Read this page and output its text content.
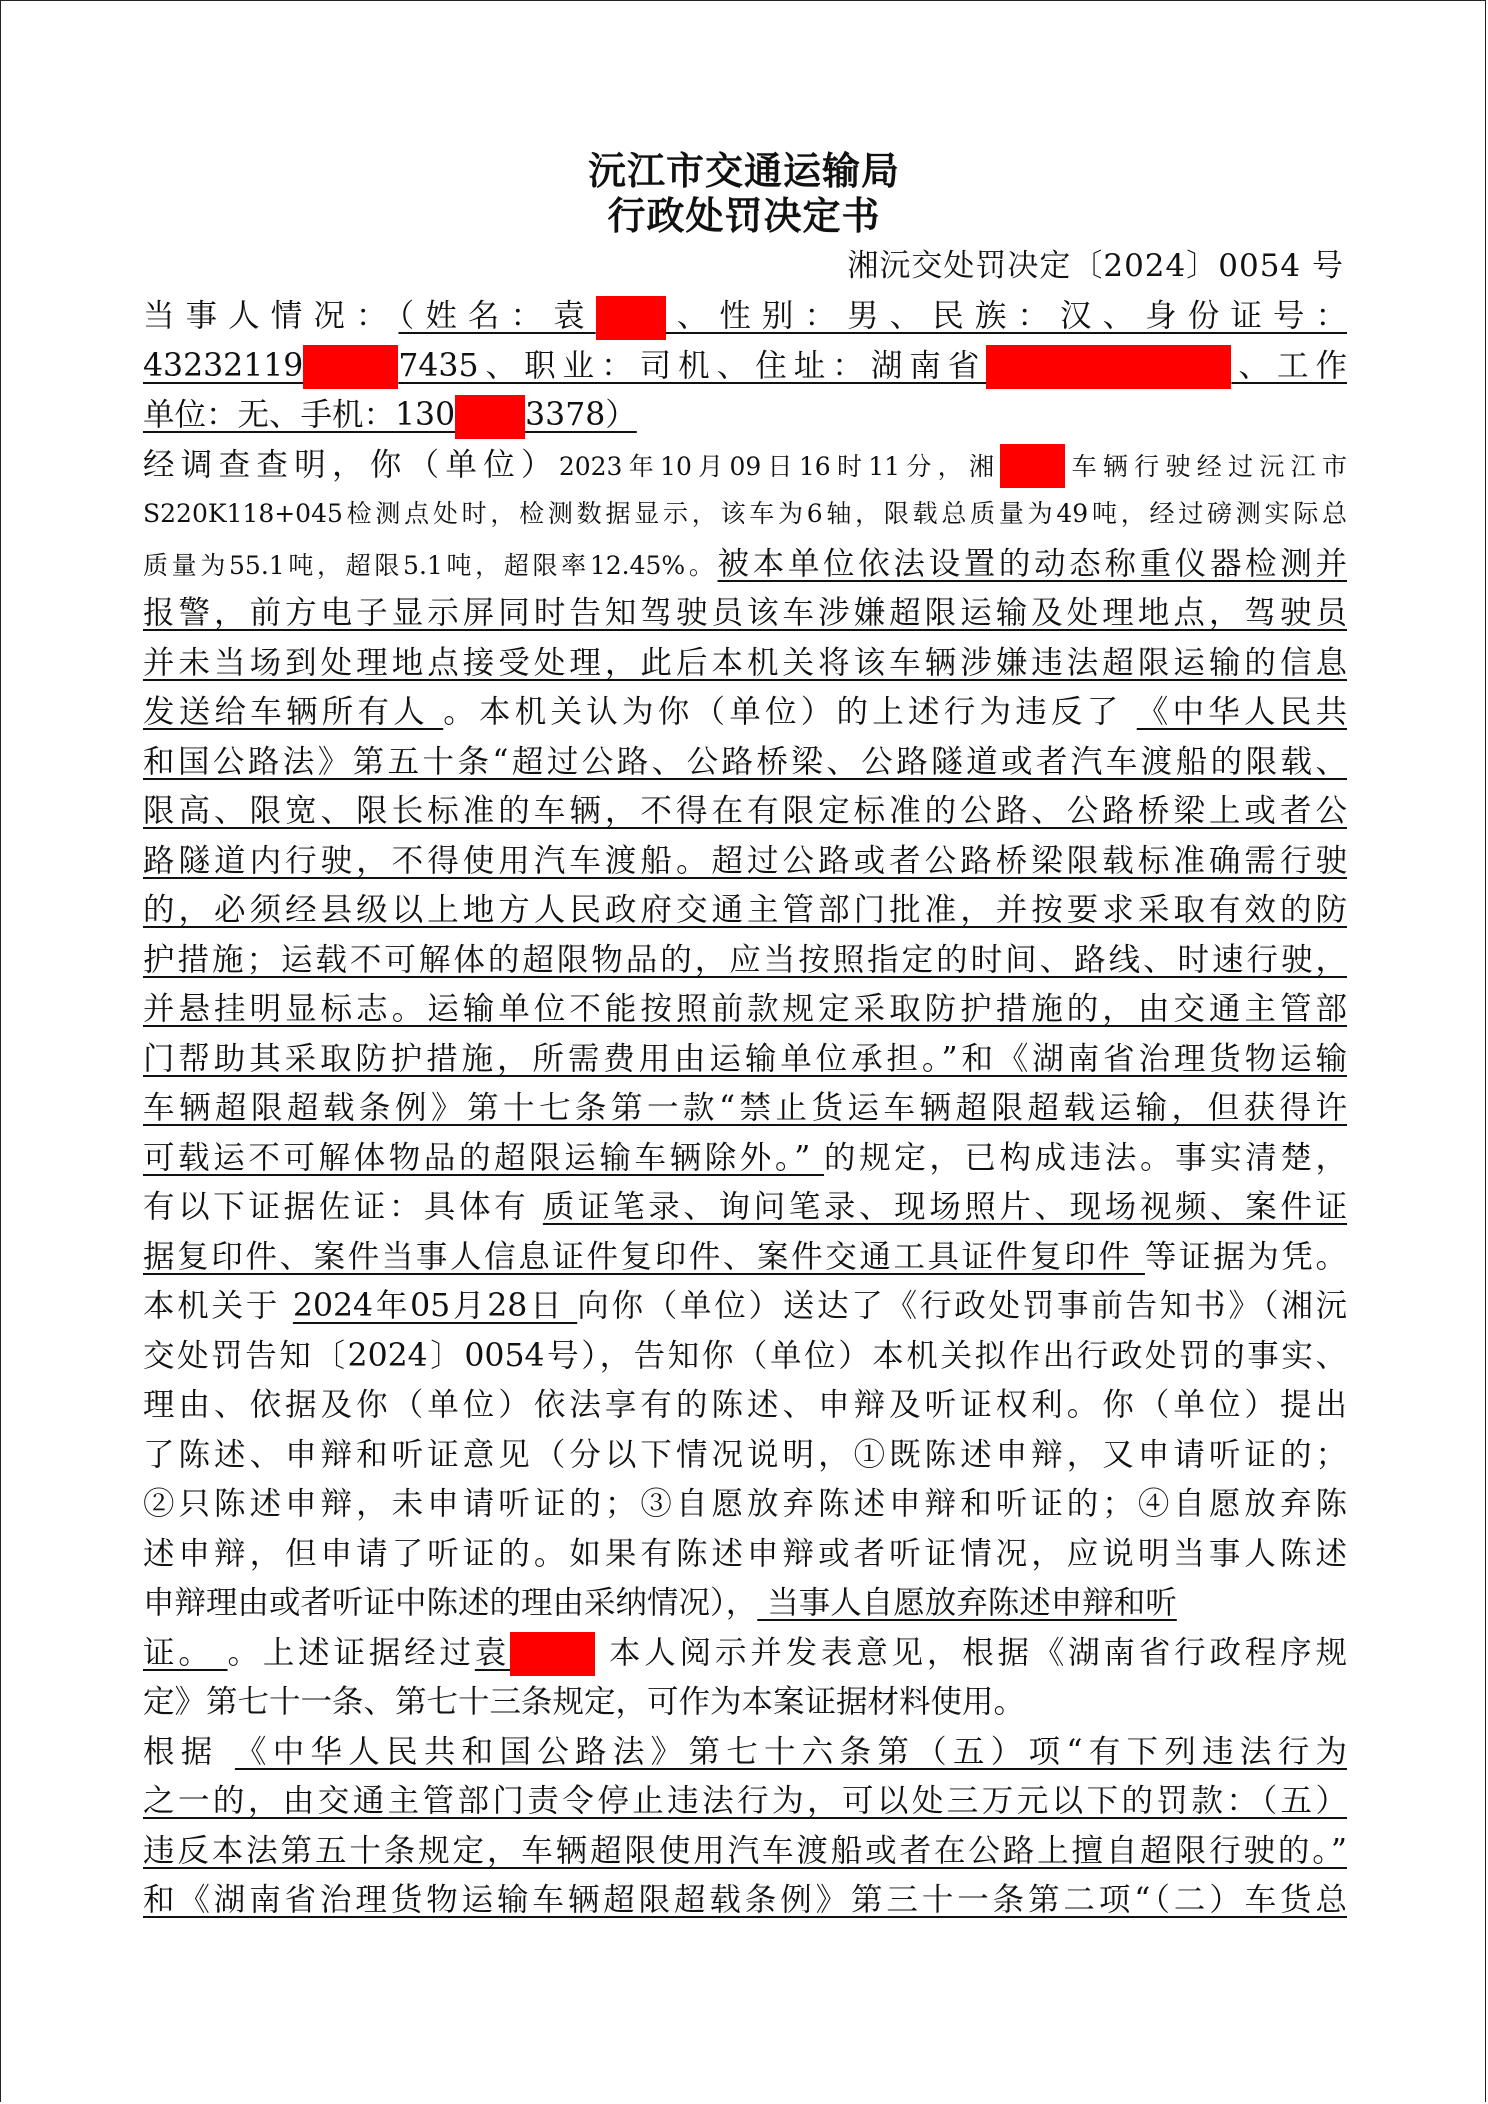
沅江市交通运输局
行政处罚决定书
湘沅交处罚决定〔2024〕0054 号
当事人情况：（姓名：袁 、性别：男、民族：汉、身份证号：
43232119	7435、职业：司机、住址：湖南省	、工作
单位：无、手机：130 3378）
经调查查明，你（单位）2023年10月09日16时11分，湘	车辆行驶经过沅江市
S220K118+045检测点处时，检测数据显示，该车为6轴，限载总质量为49吨，经过磅测实际总
质量为55.1吨，超限5.1吨，超限率12.45%。被本单位依法设置的动态称重仪器检测并
报警，前方电子显示屏同时告知驾驶员该车涉嫌超限运输及处理地点，驾驶员
并未当场到处理地点接受处理，此后本机关将该车辆涉嫌违法超限运输的信息
发送给车辆所有人 。本机关认为你（单位）的上述行为违反了 《中华人民共
和国公路法》第五十条“超过公路、公路桥梁、公路隧道或者汽车渡船的限载、
限高、限宽、限长标准的车辆，不得在有限定标准的公路、公路桥梁上或者公
路隧道内行驶，不得使用汽车渡船。超过公路或者公路桥梁限载标准确需行驶
的，必须经县级以上地方人民政府交通主管部门批准，并按要求采取有效的防
护措施；运载不可解体的超限物品的，应当按照指定的时间、路线、时速行驶，
并悬挂明显标志。运输单位不能按照前款规定采取防护措施的，由交通主管部
门帮助其采取防护措施，所需费用由运输单位承担。”和《湖南省治理货物运输
车辆超限超载条例》第十七条第一款“禁止货运车辆超限超载运输，但获得许
可载运不可解体物品的超限运输车辆除外。” 的规定，已构成违法。事实清楚，
有以下证据佐证：具体有 质证笔录、询问笔录、现场照片、现场视频、案件证
据复印件、案件当事人信息证件复印件、案件交通工具证件复印件 等证据为凭。
本机关于 2024年05月28日 向你（单位）送达了《行政处罚事前告知书》（湘沅
交处罚告知〔2024〕0054号），告知你（单位）本机关拟作出行政处罚的事实、
理由、依据及你（单位）依法享有的陈述、申辩及听证权利。你（单位）提出
了陈述、申辩和听证意见（分以下情况说明，①既陈述申辩，又申请听证的；
②只陈述申辩，未申请听证的；③自愿放弃陈述申辩和听证的；④自愿放弃陈
述申辩，但申请了听证的。如果有陈述申辩或者听证情况，应说明当事人陈述
申辩理由或者听证中陈述的理由采纳情况）， 当事人自愿放弃陈述申辩和听
证。 。上述证据经过袁	本人阅示并发表意见，根据《湖南省行政程序规
定》第七十一条、第七十三条规定，可作为本案证据材料使用。
根据 《中华人民共和国公路法》第七十六条第（五）项“有下列违法行为
之一的，由交通主管部门责令停止违法行为，可以处三万元以下的罚款：（五）
违反本法第五十条规定，车辆超限使用汽车渡船或者在公路上擅自超限行驶的。”
和《湖南省治理货物运输车辆超限超载条例》第三十一条第二项“（二）车货总
